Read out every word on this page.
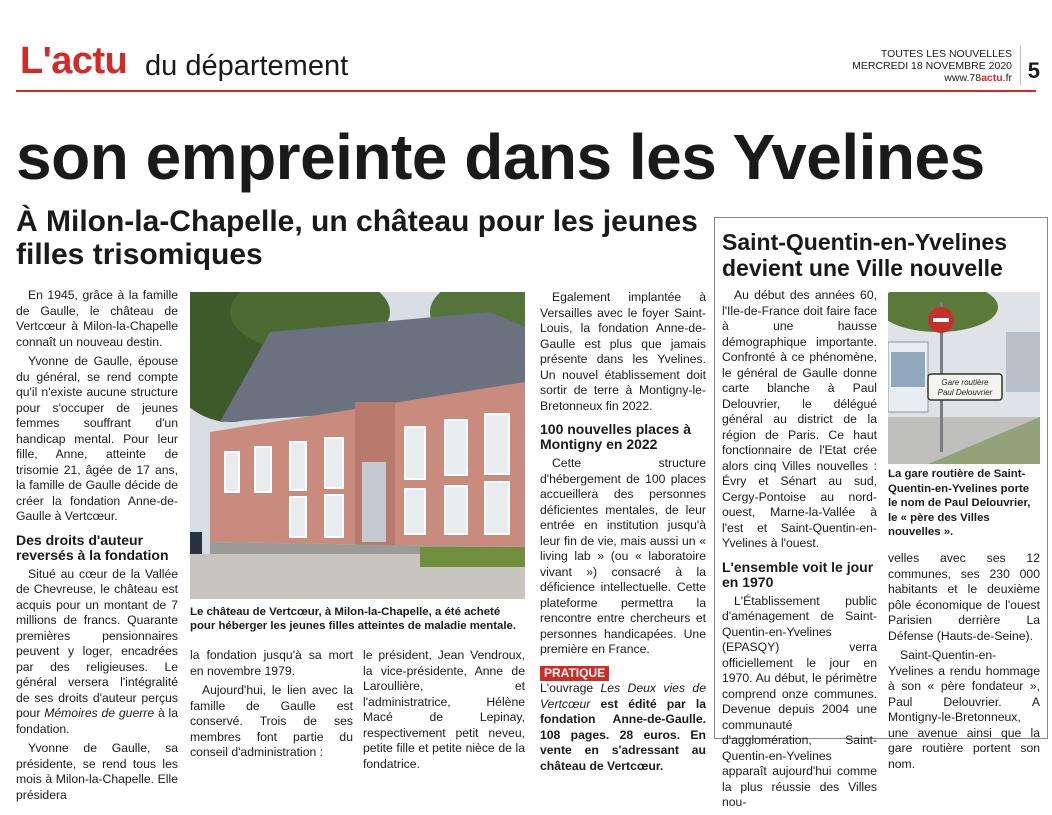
L'actu du département	TOUTES LES NOUVELLES
MERCREDI 18 NOVEMBRE 2020
www.78actu.fr 5
son empreinte dans les Yvelines
À Milon-la-Chapelle, un château pour les jeunes filles trisomiques

En 1945, grâce à la famille de Gaulle, le château de Vertcœur à Milon-la-Chapelle connaît un nouveau destin.

Yvonne de Gaulle, épouse du général, se rend compte qu'il n'existe aucune structure pour s'occuper de jeunes femmes souffrant d'un handicap mental. Pour leur fille, Anne, atteinte de trisomie 21, âgée de 17 ans, la famille de Gaulle décide de créer la fondation Anne-de-Gaulle à Vertcœur.

Des droits d'auteur reversés à la fondation

Situé au cœur de la Vallée de Chevreuse, le château est acquis pour un montant de 7 millions de francs. Quarante premières pensionnaires peuvent y loger, encadrées par des religieuses. Le général versera l'intégralité de ses droits d'auteur perçus pour Mémoires de guerre à la fondation.

Yvonne de Gaulle, sa présidente, se rend tous les mois à Milon-la-Chapelle. Elle présidera

Le château de Vertcœur, à Milon-la-Chapelle, a été acheté pour héberger les jeunes filles atteintes de maladie mentale.

la fondation jusqu'à sa mort en novembre 1979.

Aujourd'hui, le lien avec la famille de Gaulle est conservé. Trois de ses membres font partie du conseil d'administration :

le président, Jean Vendroux, la vice-présidente, Anne de Laroullière, et l'administratrice, Hélène Macé de Lepinay, respectivement petit neveu, petite fille et petite nièce de la fondatrice.

Egalement implantée à Versailles avec le foyer Saint-Louis, la fondation Anne-de-Gaulle est plus que jamais présente dans les Yvelines. Un nouvel établissement doit sortir de terre à Montigny-le-Bretonneux fin 2022.

100 nouvelles places à Montigny en 2022

Cette structure d'hébergement de 100 places accueillera des personnes déficientes mentales, de leur entrée en institution jusqu'à leur fin de vie, mais aussi un « living lab » (ou « laboratoire vivant ») consacré à la déficience intellectuelle. Cette plateforme permettra la rencontre entre chercheurs et personnes handicapées. Une première en France.

PRATIQUE

L'ouvrage Les Deux vies de Vertcœur est édité par la fondation Anne-de-Gaulle. 108 pages. 28 euros. En vente en s'adressant au château de Vertcœur.

Saint-Quentin-en-Yvelines devient une Ville nouvelle

Au début des années 60, l'Ile-de-France doit faire face à une hausse démographique importante. Confronté à ce phénomène, le général de Gaulle donne carte blanche à Paul Delouvrier, le délégué général au district de la région de Paris. Ce haut fonctionnaire de l'Etat crée alors cinq Villes nouvelles : Évry et Sénart au sud, Cergy-Pontoise au nord-ouest, Marne-la-Vallée à l'est et Saint-Quentin-en-Yvelines à l'ouest.

L'ensemble voit le jour en 1970

L'Établissement public d'aménagement de Saint-Quentin-en-Yvelines (EPASQY) verra officiellement le jour en 1970. Au début, le périmètre comprend onze communes. Devenue depuis 2004 une communauté d'agglomération, Saint-Quentin-en-Yvelines apparaît aujourd'hui comme la plus réussie des Villes nou-

Gare routière
Paul Delouvrier
La gare routière de Saint-Quentin-en-Yvelines porte le nom de Paul Delouvrier, le « père des Villes nouvelles ».

velles avec ses 12 communes, ses 230 000 habitants et le deuxième pôle économique de l'ouest Parisien derrière La Défense (Hauts-de-Seine).

Saint-Quentin-en-Yvelines a rendu hommage à son « père fondateur », Paul Delouvrier. A Montigny-le-Bretonneux, une avenue ainsi que la gare routière portent son nom.
